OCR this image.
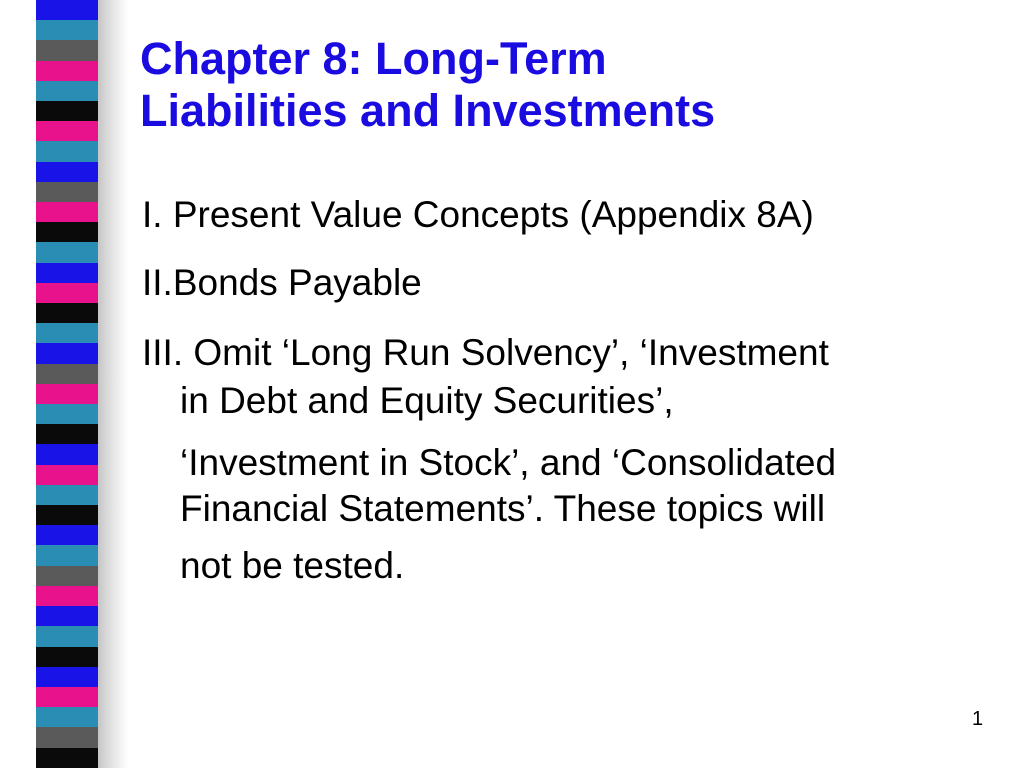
Chapter 8: Long-Term
Liabilities and Investments

I. Present Value Concepts (Appendix 8A)

II.Bonds Payable

III. Omit ‘Long Run Solvency’, ‘Investment

in Debt and Equity Securities’,

‘Investment in Stock’, and ‘Consolidated

Financial Statements’. These topics will

not be tested.

1
